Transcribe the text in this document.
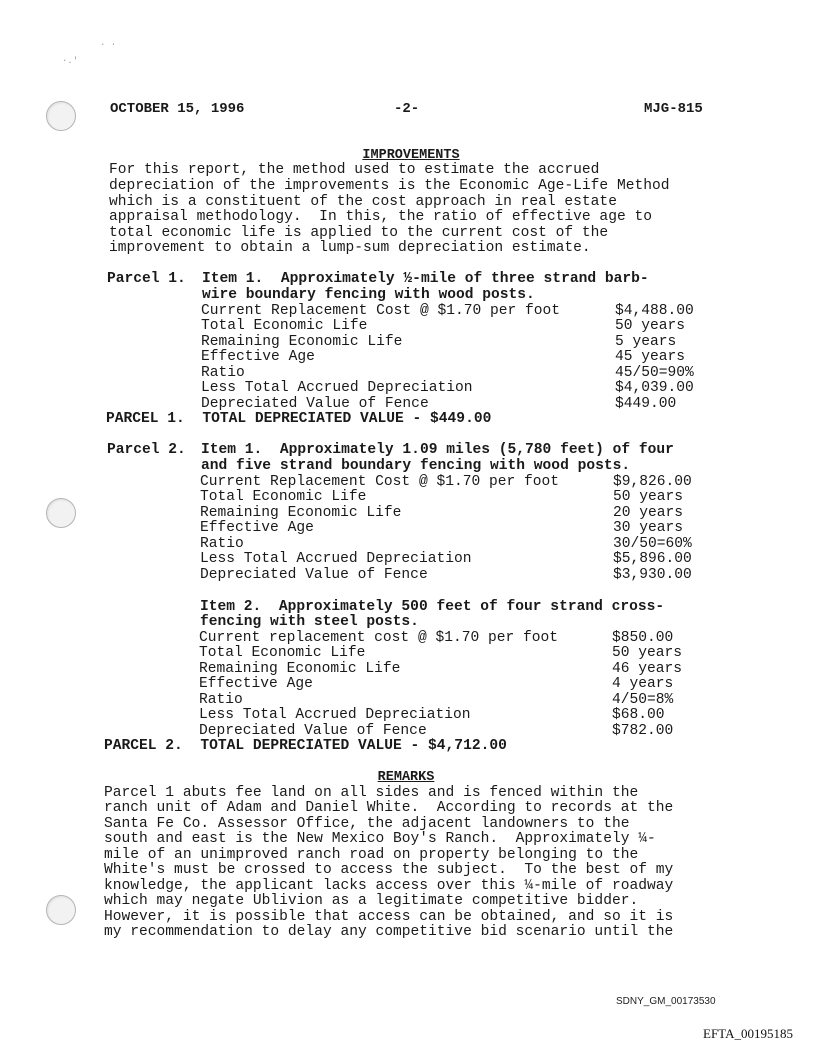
. .
·.'
OCTOBER 15, 1996	-2-	MJG-815
IMPROVEMENTS
For this report, the method used to estimate the accrued
depreciation of the improvements is the Economic Age-Life Method
which is a constituent of the cost approach in real estate
appraisal methodology.  In this, the ratio of effective age to
total economic life is applied to the current cost of the
improvement to obtain a lump-sum depreciation estimate.
Parcel 1. Item 1.  Approximately ½-mile of three strand barb-
wire boundary fencing with wood posts.
Current Replacement Cost @ $1.70 per foot	$4,488.00
Total Economic Life	50 years
Remaining Economic Life	5 years
Effective Age	45 years
Ratio	45/50=90%
Less Total Accrued Depreciation	$4,039.00
Depreciated Value of Fence	$449.00
PARCEL 1.  TOTAL DEPRECIATED VALUE - $449.00
Parcel 2. Item 1.  Approximately 1.09 miles (5,780 feet) of four
and five strand boundary fencing with wood posts.
Current Replacement Cost @ $1.70 per foot	$9,826.00
Total Economic Life	50 years
Remaining Economic Life	20 years
Effective Age	30 years
Ratio	30/50=60%
Less Total Accrued Depreciation	$5,896.00
Depreciated Value of Fence	$3,930.00
Item 2.  Approximately 500 feet of four strand cross-
fencing with steel posts.
Current replacement cost @ $1.70 per foot	$850.00
Total Economic Life	50 years
Remaining Economic Life	46 years
Effective Age	4 years
Ratio	4/50=8%
Less Total Accrued Depreciation	$68.00
Depreciated Value of Fence	$782.00
PARCEL 2.  TOTAL DEPRECIATED VALUE - $4,712.00
REMARKS
Parcel 1 abuts fee land on all sides and is fenced within the
ranch unit of Adam and Daniel White.  According to records at the
Santa Fe Co. Assessor Office, the adjacent landowners to the
south and east is the New Mexico Boy's Ranch.  Approximately ¼-
mile of an unimproved ranch road on property belonging to the
White's must be crossed to access the subject.  To the best of my
knowledge, the applicant lacks access over this ¼-mile of roadway
which may negate Ublivion as a legitimate competitive bidder.
However, it is possible that access can be obtained, and so it is
my recommendation to delay any competitive bid scenario until the
SDNY_GM_00173530
EFTA_00195185
